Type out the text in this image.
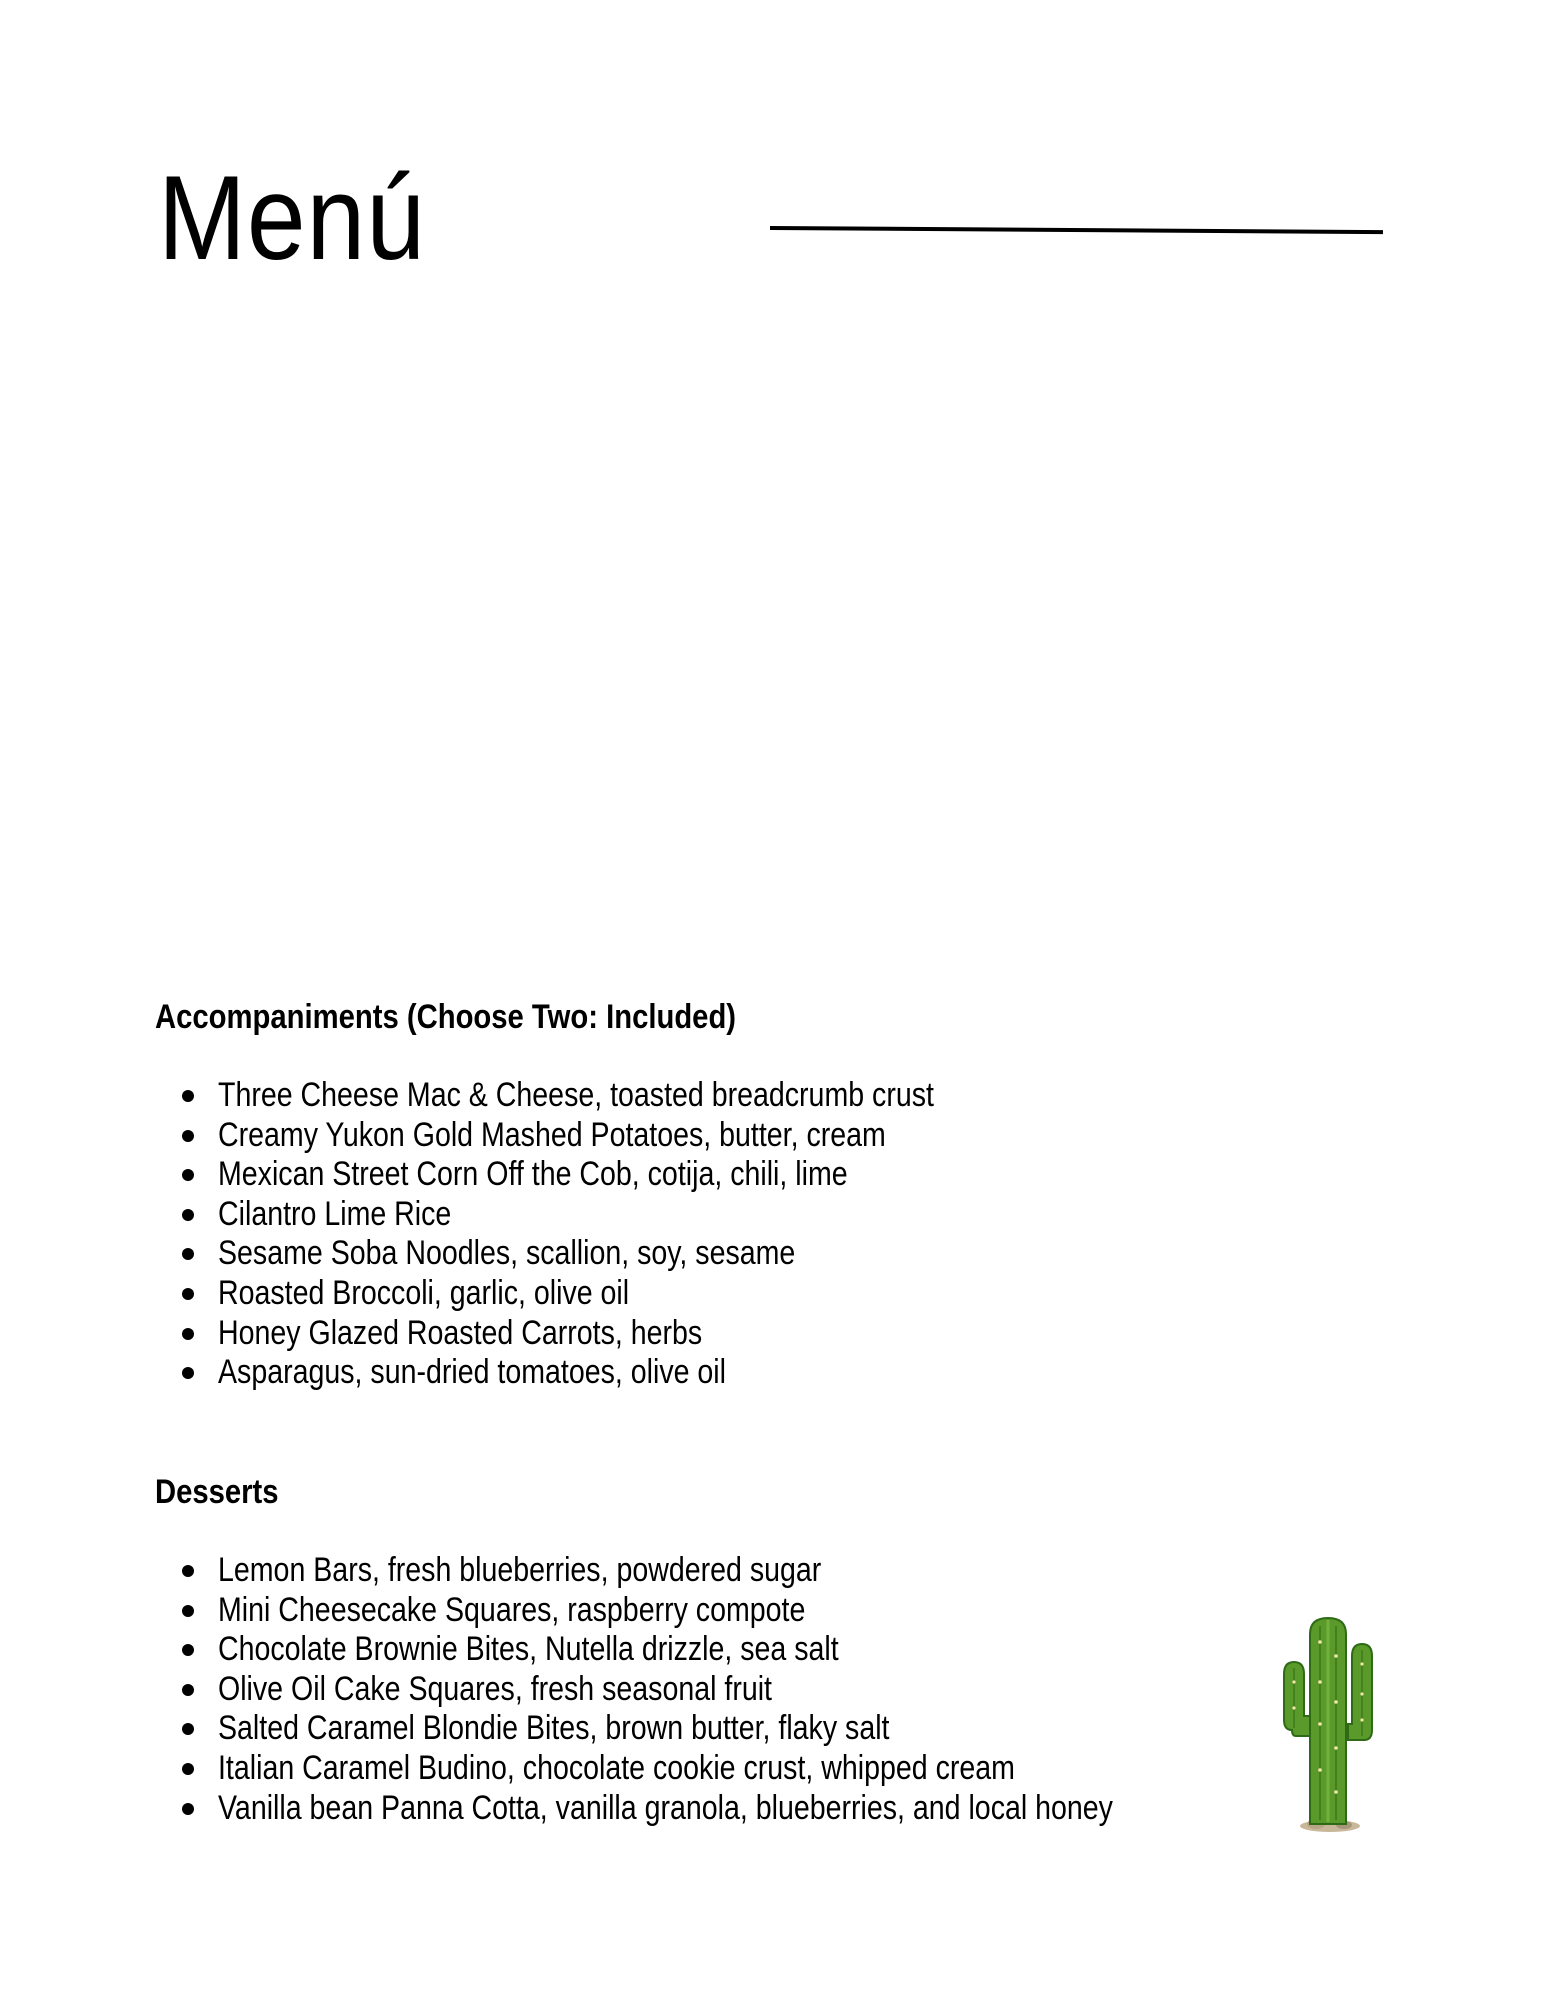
Menú
Accompaniments (Choose Two: Included)
Three Cheese Mac & Cheese, toasted breadcrumb crust
Creamy Yukon Gold Mashed Potatoes, butter, cream
Mexican Street Corn Off the Cob, cotija, chili, lime
Cilantro Lime Rice
Sesame Soba Noodles, scallion, soy, sesame
Roasted Broccoli, garlic, olive oil
Honey Glazed Roasted Carrots, herbs
Asparagus, sun-dried tomatoes, olive oil
Desserts
Lemon Bars, fresh blueberries, powdered sugar
Mini Cheesecake Squares, raspberry compote
Chocolate Brownie Bites, Nutella drizzle, sea salt
Olive Oil Cake Squares, fresh seasonal fruit
Salted Caramel Blondie Bites, brown butter, flaky salt
Italian Caramel Budino, chocolate cookie crust, whipped cream
Vanilla bean Panna Cotta, vanilla granola, blueberries, and local honey
